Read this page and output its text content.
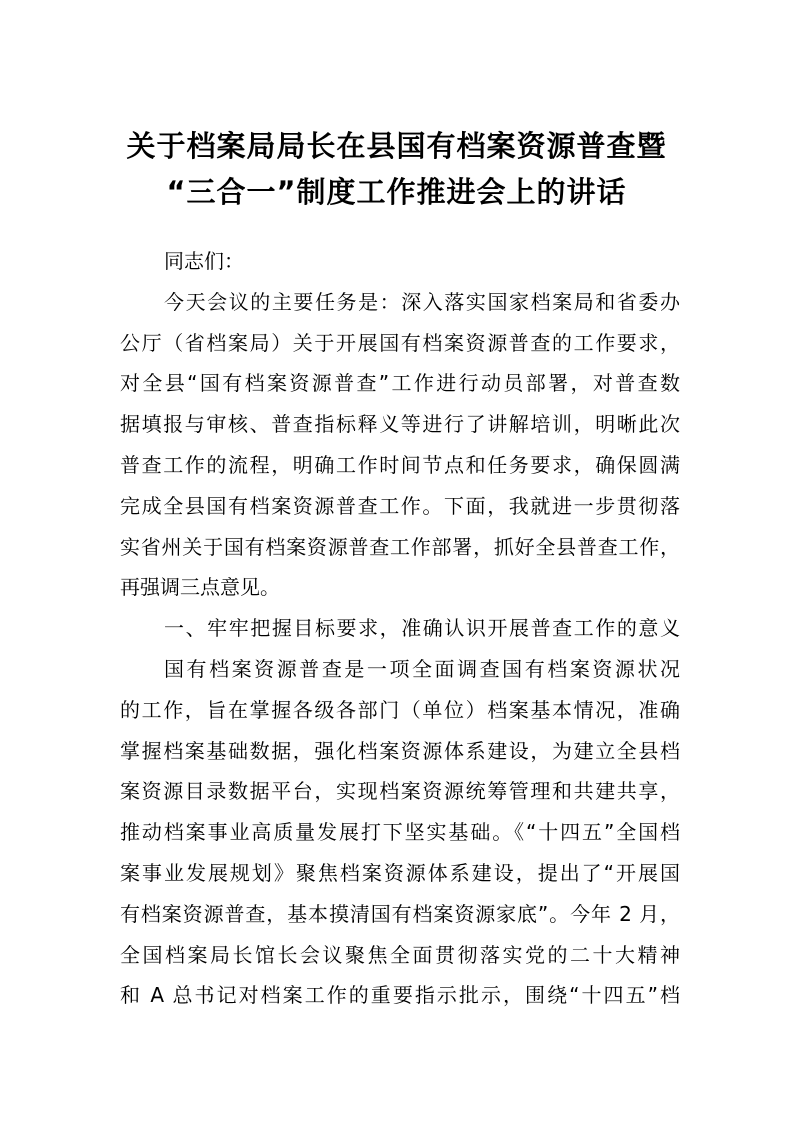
关于档案局局长在县国有档案资源普查暨
“三合一”制度工作推进会上的讲话
同志们：
今天会议的主要任务是：深入落实国家档案局和省委办
公厅（省档案局）关于开展国有档案资源普查的工作要求，
对全县“国有档案资源普查”工作进行动员部署，对普查数
据填报与审核、普查指标释义等进行了讲解培训，明晰此次
普查工作的流程，明确工作时间节点和任务要求，确保圆满
完成全县国有档案资源普查工作。下面，我就进一步贯彻落
实省州关于国有档案资源普查工作部署，抓好全县普查工作，
再强调三点意见。
一、牢牢把握目标要求，准确认识开展普查工作的意义
国有档案资源普查是一项全面调查国有档案资源状况
的工作，旨在掌握各级各部门（单位）档案基本情况，准确
掌握档案基础数据，强化档案资源体系建设，为建立全县档
案资源目录数据平台，实现档案资源统筹管理和共建共享，
推动档案事业高质量发展打下坚实基础。《“十四五”全国档
案事业发展规划》聚焦档案资源体系建设，提出了“开展国
有档案资源普查，基本摸清国有档案资源家底”。今年 2 月，
全国档案局长馆长会议聚焦全面贯彻落实党的二十大精神
和 A 总书记对档案工作的重要指示批示，围绕“十四五”档
